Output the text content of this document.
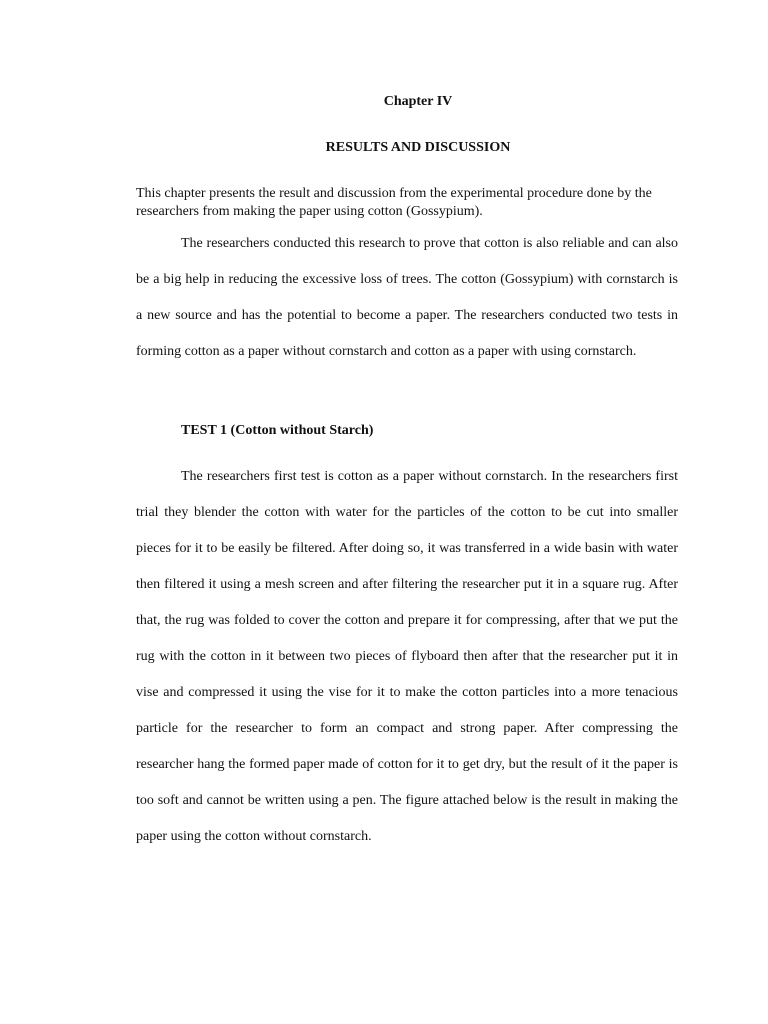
Chapter IV
RESULTS AND DISCUSSION

This chapter presents the result and discussion from the experimental procedure done by the researchers from making the paper using cotton (Gossypium).

The researchers conducted this research to prove that cotton is also reliable and can also be a big help in reducing the excessive loss of trees. The cotton (Gossypium) with cornstarch is a new source and has the potential to become a paper. The researchers conducted two tests in forming cotton as a paper without cornstarch and cotton as a paper with using cornstarch.

TEST 1 (Cotton without Starch)

The researchers first test is cotton as a paper without cornstarch. In the researchers first trial they blender the cotton with water for the particles of the cotton to be cut into smaller pieces for it to be easily be filtered. After doing so, it was transferred in a wide basin with water then filtered it using a mesh screen and after filtering the researcher put it in a square rug. After that, the rug was folded to cover the cotton and prepare it for compressing, after that we put the rug with the cotton in it between two pieces of flyboard then after that the researcher put it in vise and compressed it using the vise for it to make the cotton particles into a more tenacious particle for the researcher to form an compact and strong paper. After compressing the researcher hang the formed paper made of cotton for it to get dry, but the result of it the paper is too soft and cannot be written using a pen. The figure attached below is the result in making the paper using the cotton without cornstarch.
